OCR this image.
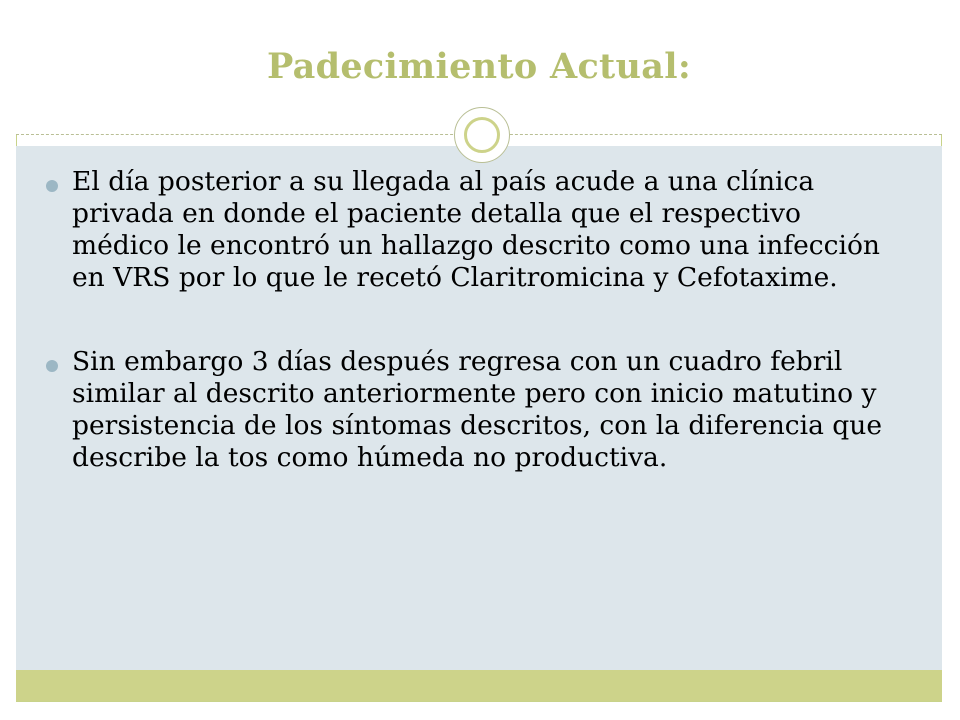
Padecimiento Actual:
El día posterior a su llegada al país acude a una clínica privada en donde el paciente detalla que el respectivo médico le encontró un hallazgo descrito como una infección en VRS por lo que le recetó Claritromicina y Cefotaxime.
Sin embargo 3 días después regresa con un cuadro febril similar al descrito anteriormente pero con inicio matutino y persistencia de los síntomas descritos, con la diferencia que describe la tos como húmeda no productiva.
